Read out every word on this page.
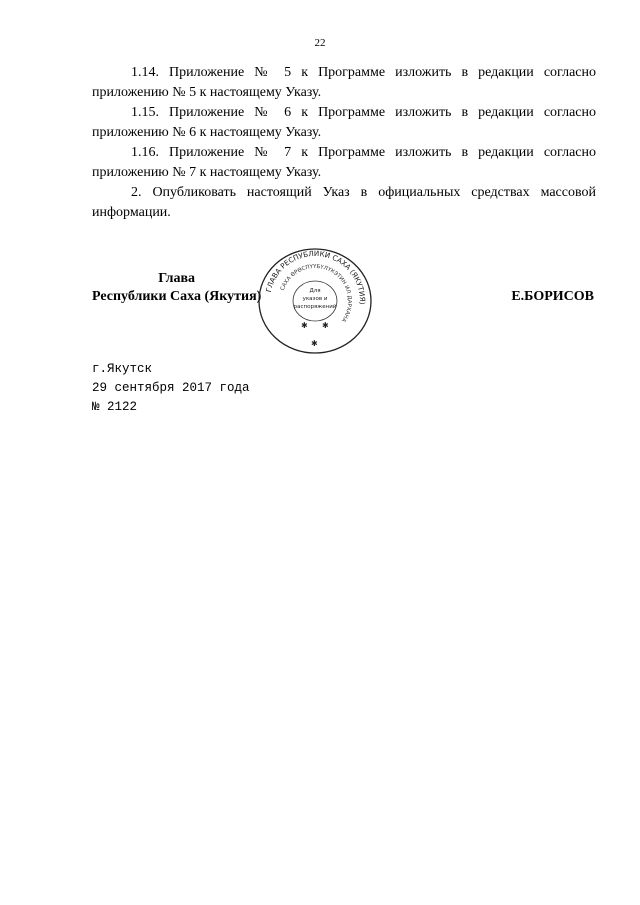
22

1.14. Приложение № 5 к Программе изложить в редакции согласно приложению № 5 к настоящему Указу.

1.15. Приложение № 6 к Программе изложить в редакции согласно приложению № 6 к настоящему Указу.

1.16. Приложение № 7 к Программе изложить в редакции согласно приложению № 7 к настоящему Указу.

2. Опубликовать настоящий Указ в официальных средствах массовой информации.

Глава
Республики Саха (Якутия) ГЛАВА РЕСПУБЛИКИ САХА (ЯКУТИЯ)
САХА ӨРӨСПҮҮБҮЛҮКЭТИН ИЛ ДАРХАНА
Для
указов и
распоряжений
✱ ✱
✱
Е.БОРИСОВ
г.Якутск
29 сентября 2017 года
№ 2122
